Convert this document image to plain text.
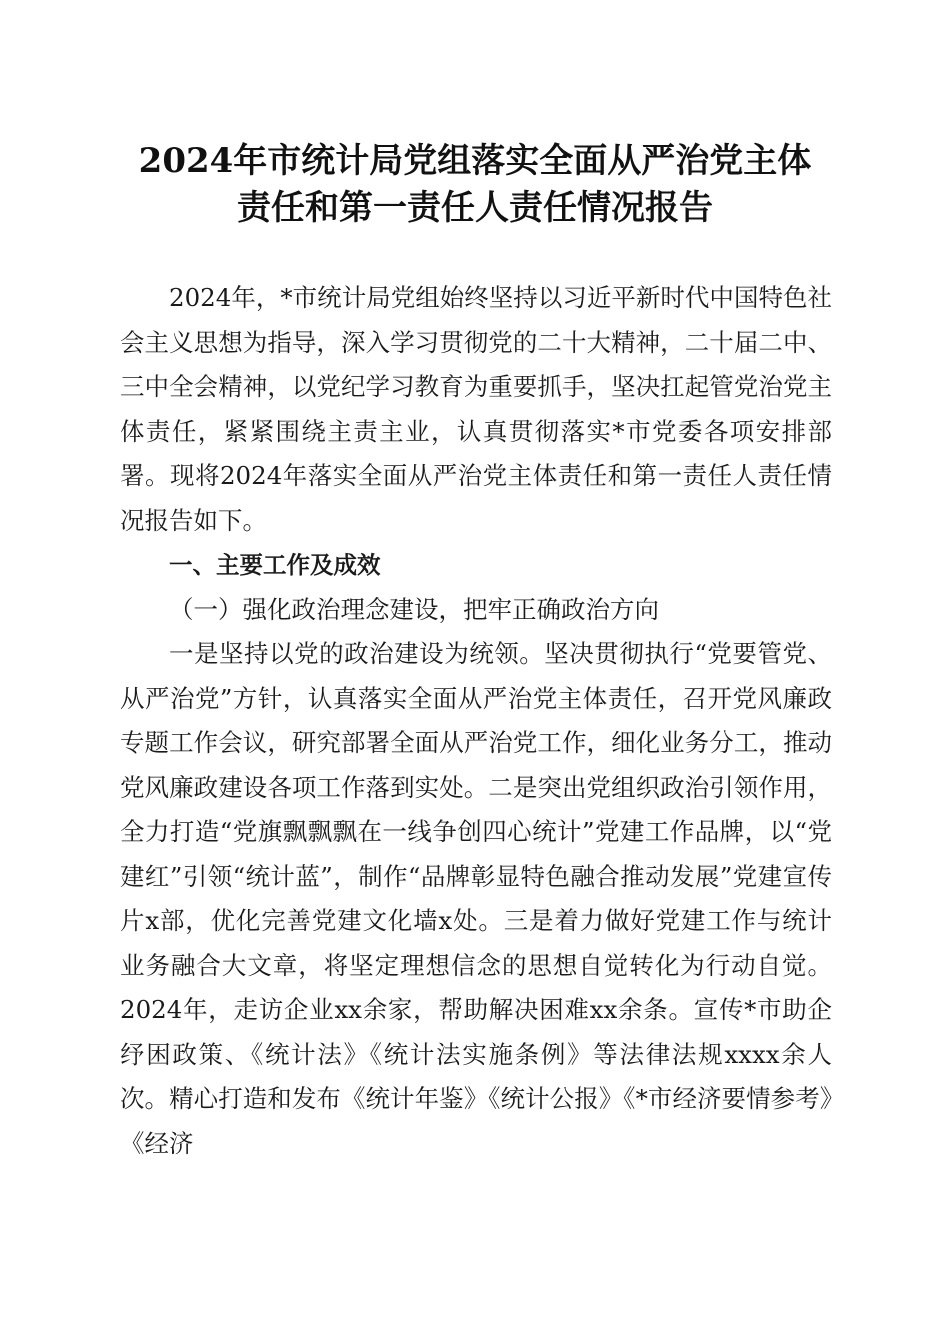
2024年市统计局党组落实全面从严治党主体
责任和第一责任人责任情况报告

2024年，*市统计局党组始终坚持以习近平新时代中国特色社会主义思想为指导，深入学习贯彻党的二十大精神，二十届二中、三中全会精神，以党纪学习教育为重要抓手，坚决扛起管党治党主体责任，紧紧围绕主责主业，认真贯彻落实*市党委各项安排部署。现将2024年落实全面从严治党主体责任和第一责任人责任情况报告如下。

一、主要工作及成效

（一）强化政治理念建设，把牢正确政治方向

一是坚持以党的政治建设为统领。坚决贯彻执行“党要管党、从严治党”方针，认真落实全面从严治党主体责任，召开党风廉政专题工作会议，研究部署全面从严治党工作，细化业务分工，推动党风廉政建设各项工作落到实处。二是突出党组织政治引领作用，全力打造“党旗飘飘飘在一线争创四心统计”党建工作品牌，以“党建红”引领“统计蓝”，制作“品牌彰显特色融合推动发展”党建宣传片x部，优化完善党建文化墙x处。三是着力做好党建工作与统计业务融合大文章，将坚定理想信念的思想自觉转化为行动自觉。2024年，走访企业xx余家，帮助解决困难xx余条。宣传*市助企纾困政策、《统计法》《统计法实施条例》等法律法规xxxx余人次。精心打造和发布《统计年鉴》《统计公报》《*市经济要情参考》《经济
